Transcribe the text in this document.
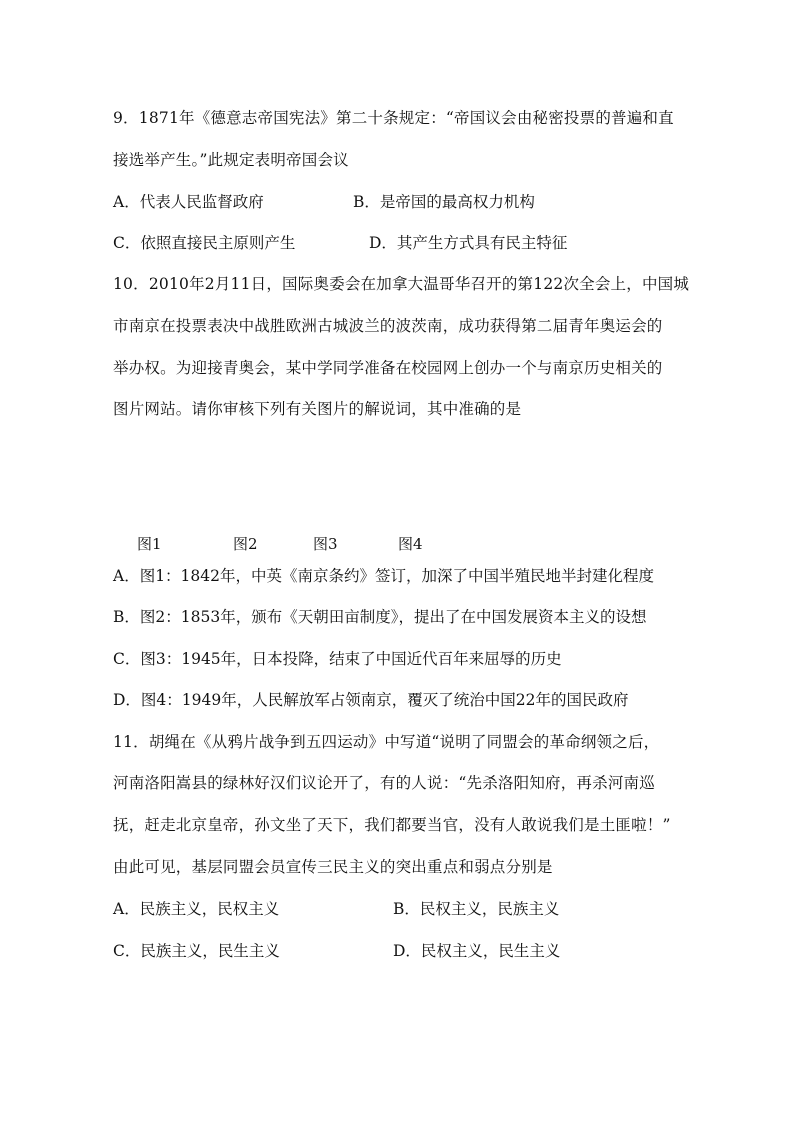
9．1871年《德意志帝国宪法》第二十条规定：“帝国议会由秘密投票的普遍和直
接选举产生。”此规定表明帝国会议
A．代表人民监督政府	B．是帝国的最高权力机构
C．依照直接民主原则产生	D．其产生方式具有民主特征
10．2010年2月11日，国际奥委会在加拿大温哥华召开的第122次全会上，中国城
市南京在投票表决中战胜欧洲古城波兰的波茨南，成功获得第二届青年奥运会的
举办权。为迎接青奥会，某中学同学准备在校园网上创办一个与南京历史相关的
图片网站。请你审核下列有关图片的解说词，其中准确的是
图1	图2	图3	图4
A．图1：1842年，中英《南京条约》签订，加深了中国半殖民地半封建化程度
B．图2：1853年，颁布《天朝田亩制度》，提出了在中国发展资本主义的设想
C．图3：1945年，日本投降，结束了中国近代百年来屈辱的历史
D．图4：1949年，人民解放军占领南京，覆灭了统治中国22年的国民政府
11．胡绳在《从鸦片战争到五四运动》中写道“说明了同盟会的革命纲领之后，
河南洛阳嵩县的绿林好汉们议论开了，有的人说：“先杀洛阳知府，再杀河南巡
抚，赶走北京皇帝，孙文坐了天下，我们都要当官，没有人敢说我们是土匪啦！”
由此可见，基层同盟会员宣传三民主义的突出重点和弱点分别是
A．民族主义，民权主义	B．民权主义，民族主义
C．民族主义，民生主义	D．民权主义，民生主义
